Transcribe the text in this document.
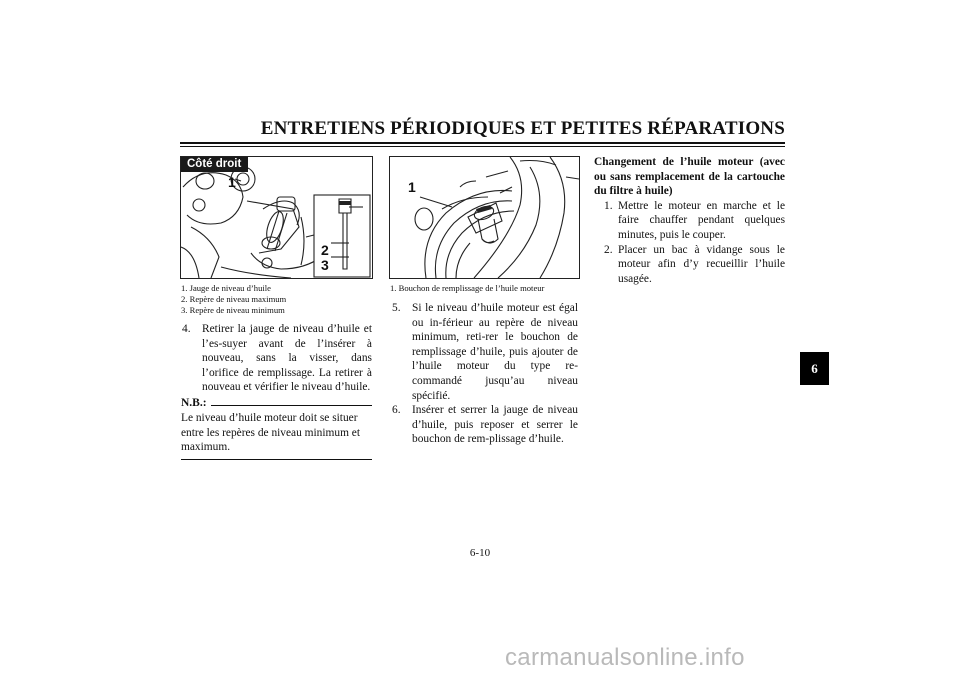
ENTRETIENS PÉRIODIQUES ET PETITES RÉPARATIONS
Côté droit
1
2
3
1. Jauge de niveau d’huile
2. Repère de niveau maximum
3. Repère de niveau minimum

4. Retirer la jauge de niveau d’huile et l’es-suyer avant de l’insérer à nouveau, sans la visser, dans l’orifice de remplissage. La retirer à nouveau et vérifier le niveau d’huile.

N.B.:
Le niveau d’huile moteur doit se situer entre les repères de niveau minimum et maximum.
1
1. Bouchon de remplissage de l’huile moteur

5. Si le niveau d’huile moteur est égal ou in-férieur au repère de niveau minimum, reti-rer le bouchon de remplissage d’huile, puis ajouter de l’huile moteur du type re-commandé jusqu’au niveau spécifié.

6. Insérer et serrer la jauge de niveau d’huile, puis reposer et serrer le bouchon de rem-plissage d’huile.

Changement de l’huile moteur (avec ou sans remplacement de la cartouche du filtre à huile)

1. Mettre le moteur en marche et le faire chauffer pendant quelques minutes, puis le couper.

2. Placer un bac à vidange sous le moteur afin d’y recueillir l’huile usagée.

6
6-10
carmanualsonline.info
